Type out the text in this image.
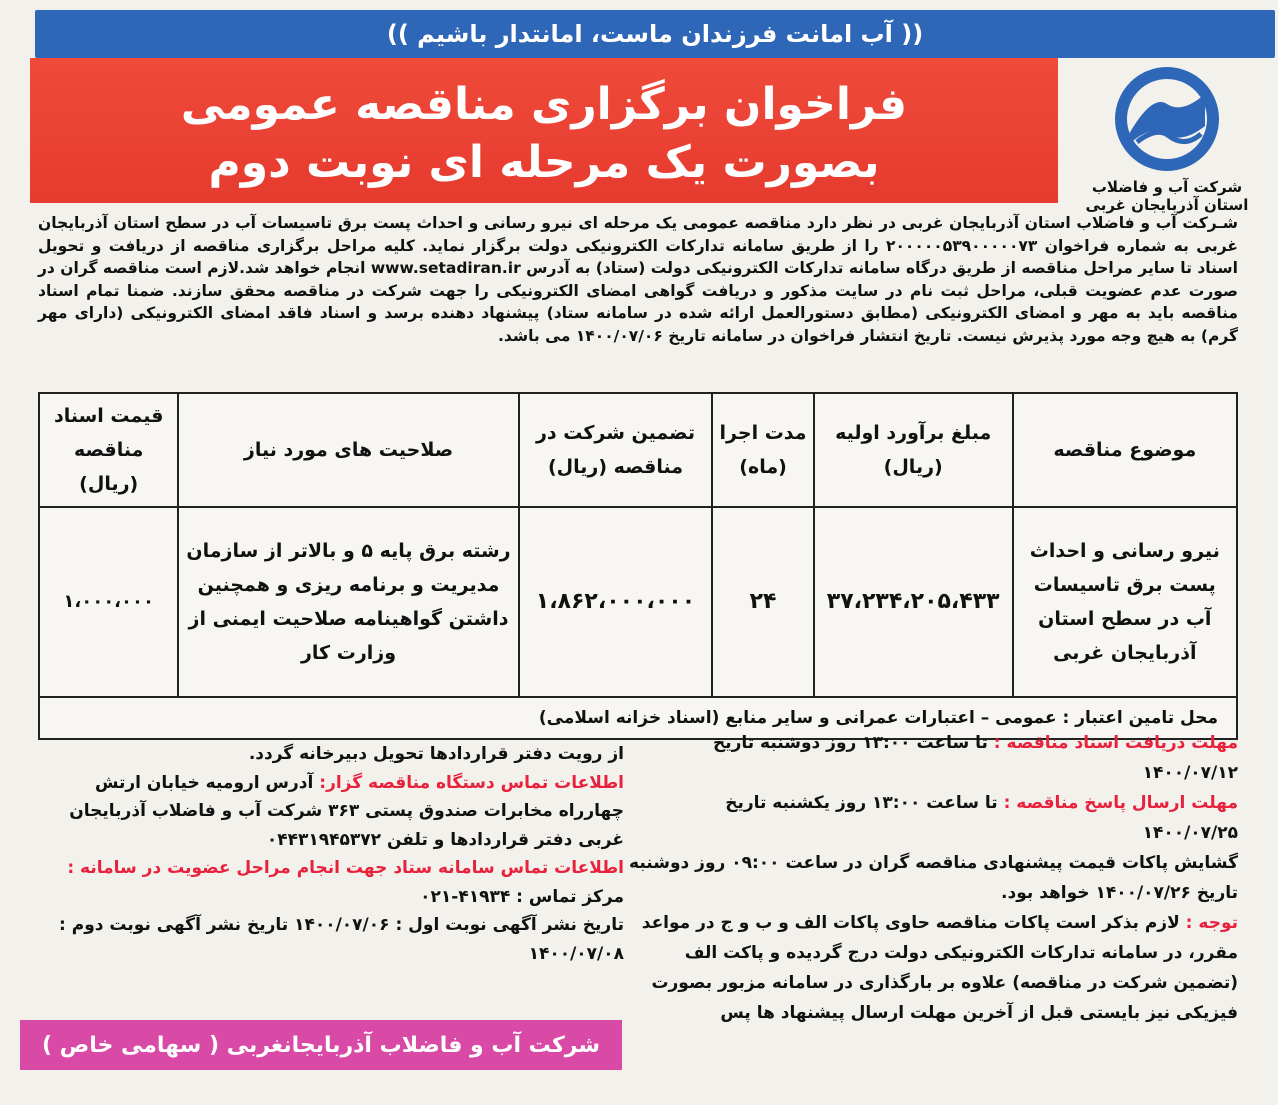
(( آب امانت فرزندان ماست، امانتدار باشیم ))
فراخوان برگزاری مناقصه عمومی
بصورت یک مرحله ای نوبت دوم	شرکت آب و فاضلاب
استان آذربایجان غربی
شـرکت آب و فاضلاب استان آذربایجان غربی در نظر دارد مناقصه عمومی یک مرحله ای نیرو رسانی و احداث پست برق تاسیسات آب در سطح استان آذربایجان غربی به شماره فراخوان ۲۰۰۰۰۰۵۳۹۰۰۰۰۰۷۳ را از طریق سامانه تدارکات الکترونیکی دولت برگزار نماید. کلیه مراحل برگزاری مناقصه از دریافت و تحویل اسناد تا سایر مراحل مناقصه از طریق درگاه سامانه تدارکات الکترونیکی دولت (ستاد) به آدرس www.setadiran.ir انجام خواهد شد.لازم است مناقصه گران در صورت عدم عضویت قبلی، مراحل ثبت نام در سایت مذکور و دریافت گواهی امضای الکترونیکی را جهت شرکت در مناقصه محقق سازند. ضمنا تمام اسناد مناقصه باید به مهر و امضای الکترونیکی (مطابق دستورالعمل ارائه شده در سامانه ستاد) پیشنهاد دهنده برسد و اسناد فاقد امضای الکترونیکی (دارای مهر گرم) به هیچ وجه مورد پذیرش نیست. تاریخ انتشار فراخوان در سامانه تاریخ ۱۴۰۰/۰۷/۰۶ می باشد.
موضوع مناقصه	مبلغ برآورد اولیه (ریال)	مدت اجرا (ماه)	تضمین شرکت در مناقصه (ریال)	صلاحیت های مورد نیاز	قیمت اسناد مناقصه (ریال)
نیرو رسانی و احداث پست برق تاسیسات آب در سطح استان آذربایجان غربی	۳۷،۲۳۴،۲۰۵،۴۳۳	۲۴	۱،۸۶۲،۰۰۰،۰۰۰	رشته برق پایه ۵ و بالاتر از سازمان مدیریت و برنامه ریزی و همچنین داشتن گواهینامه صلاحیت ایمنی از وزارت کار	۱،۰۰۰،۰۰۰
محل تامین اعتبار : عمومی – اعتبارات عمرانی و سایر منابع (اسناد خزانه اسلامی)					
مهلت دریافت اسناد مناقصه : تا ساعت ۱۳:۰۰ روز دوشنبه تاریخ ۱۴۰۰/۰۷/۱۲
مهلت ارسال پاسخ مناقصه : تا ساعت ۱۳:۰۰ روز یکشنبه تاریخ ۱۴۰۰/۰۷/۲۵
گشایش پاکات قیمت پیشنهادی مناقصه گران در ساعت ۰۹:۰۰ روز دوشنبه تاریخ ۱۴۰۰/۰۷/۲۶ خواهد بود.
توجه : لازم بذکر است پاکات مناقصه حاوی پاکات الف و ب و ج در مواعد مقرر، در سامانه تدارکات الکترونیکی دولت درج گردیده و پاکت الف (تضمین شرکت در مناقصه) علاوه بر بارگذاری در سامانه مزبور بصورت فیزیکی نیز بایستی قبل از آخرین مهلت ارسال پیشنهاد ها پس
از رویت دفتر قراردادها تحویل دبیرخانه گردد.
اطلاعات تماس دستگاه مناقصه گزار: آدرس ارومیه خیابان ارتش چهارراه مخابرات صندوق پستی ۳۶۳ شرکت آب و فاضلاب آذربایجان غربی دفتر قراردادها و تلفن ۰۴۴۳۱۹۴۵۳۷۲
اطلاعات تماس سامانه ستاد جهت انجام مراحل عضویت در سامانه :
مرکز تماس : ۴۱۹۳۴-۰۲۱
تاریخ نشر آگهی نوبت اول : ۱۴۰۰/۰۷/۰۶ تاریخ نشر آگهی نوبت دوم : ۱۴۰۰/۰۷/۰۸
شرکت آب و فاضلاب آذربایجانغربی ( سهامی خاص )
